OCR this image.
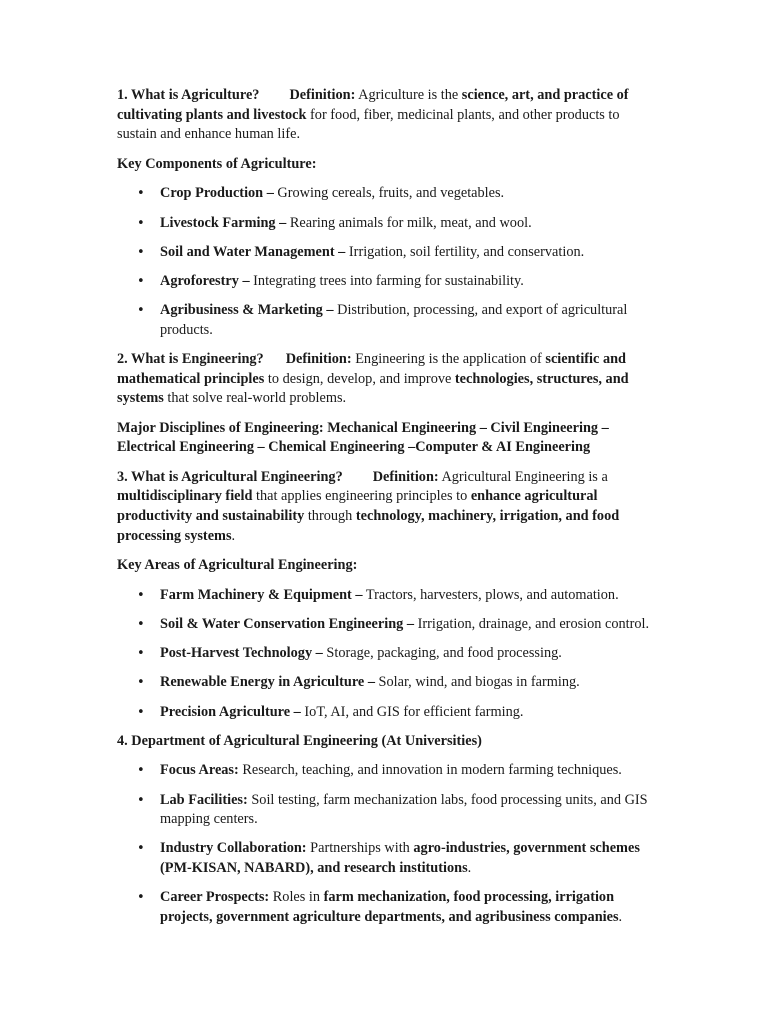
1. What is Agriculture? Definition: Agriculture is the science, art, and practice of cultivating plants and livestock for food, fiber, medicinal plants, and other products to sustain and enhance human life.

Key Components of Agriculture:

• Crop Production – Growing cereals, fruits, and vegetables.
• Livestock Farming – Rearing animals for milk, meat, and wool.
• Soil and Water Management – Irrigation, soil fertility, and conservation.
• Agroforestry – Integrating trees into farming for sustainability.
• Agribusiness & Marketing – Distribution, processing, and export of agricultural products.

2. What is Engineering? Definition: Engineering is the application of scientific and mathematical principles to design, develop, and improve technologies, structures, and systems that solve real-world problems.

Major Disciplines of Engineering: Mechanical Engineering – Civil Engineering – Electrical Engineering – Chemical Engineering –Computer & AI Engineering

3. What is Agricultural Engineering? Definition: Agricultural Engineering is a multidisciplinary field that applies engineering principles to enhance agricultural productivity and sustainability through technology, machinery, irrigation, and food processing systems.

Key Areas of Agricultural Engineering:

• Farm Machinery & Equipment – Tractors, harvesters, plows, and automation.
• Soil & Water Conservation Engineering – Irrigation, drainage, and erosion control.
• Post-Harvest Technology – Storage, packaging, and food processing.
• Renewable Energy in Agriculture – Solar, wind, and biogas in farming.
• Precision Agriculture – IoT, AI, and GIS for efficient farming.

4. Department of Agricultural Engineering (At Universities)

• Focus Areas: Research, teaching, and innovation in modern farming techniques.
• Lab Facilities: Soil testing, farm mechanization labs, food processing units, and GIS mapping centers.
• Industry Collaboration: Partnerships with agro-industries, government schemes (PM-KISAN, NABARD), and research institutions.
• Career Prospects: Roles in farm mechanization, food processing, irrigation projects, government agriculture departments, and agribusiness companies.
